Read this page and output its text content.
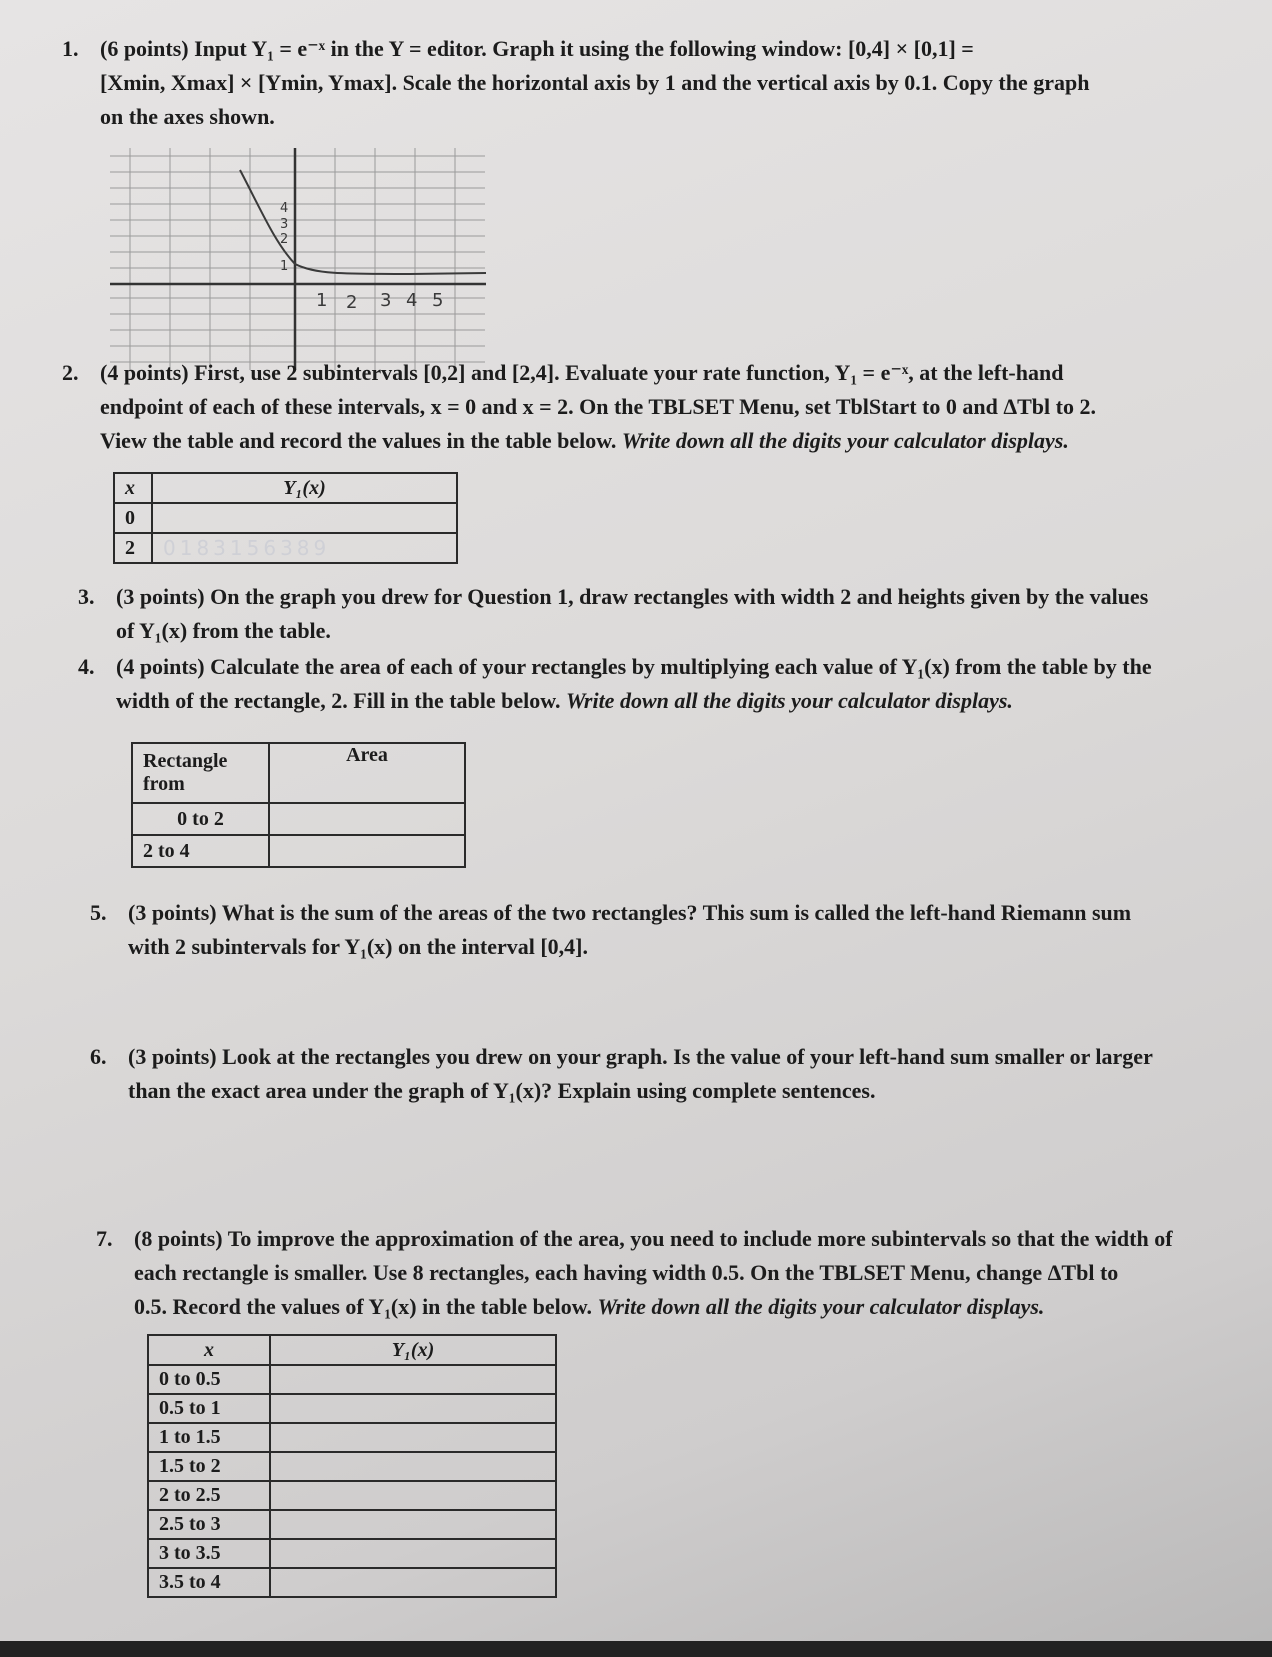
1. (6 points) Input Y₁ = e⁻ˣ in the Y = editor. Graph it using the following window: [0,4] × [0,1] =
[Xmin, Xmax] × [Ymin, Ymax]. Scale the horizontal axis by 1 and the vertical axis by 0.1. Copy the graph
on the axes shown.
1 2 3 4 5
1
2
3
4
2. (4 points) First, use 2 subintervals [0,2] and [2,4]. Evaluate your rate function, Y₁ = e⁻ˣ, at the left-hand
endpoint of each of these intervals, x = 0 and x = 2. On the TBLSET Menu, set TblStart to 0 and ΔTbl to 2.
View the table and record the values in the table below. Write down all the digits your calculator displays.
x	Y₁(x)
0	
2	0183156389
3. (3 points) On the graph you drew for Question 1, draw rectangles with width 2 and heights given by the values
of Y₁(x) from the table.
4. (4 points) Calculate the area of each of your rectangles by multiplying each value of Y₁(x) from the table by the
width of the rectangle, 2. Fill in the table below. Write down all the digits your calculator displays.
Rectangle from	Area
0 to 2	
2 to 4	
5. (3 points) What is the sum of the areas of the two rectangles? This sum is called the left-hand Riemann sum
with 2 subintervals for Y₁(x) on the interval [0,4].
6. (3 points) Look at the rectangles you drew on your graph. Is the value of your left-hand sum smaller or larger
than the exact area under the graph of Y₁(x)? Explain using complete sentences.
7. (8 points) To improve the approximation of the area, you need to include more subintervals so that the width of
each rectangle is smaller. Use 8 rectangles, each having width 0.5. On the TBLSET Menu, change ΔTbl to
0.5. Record the values of Y₁(x) in the table below. Write down all the digits your calculator displays.
x	Y₁(x)
0 to 0.5	
0.5 to 1	
1 to 1.5	
1.5 to 2	
2 to 2.5	
2.5 to 3	
3 to 3.5	
3.5 to 4	
